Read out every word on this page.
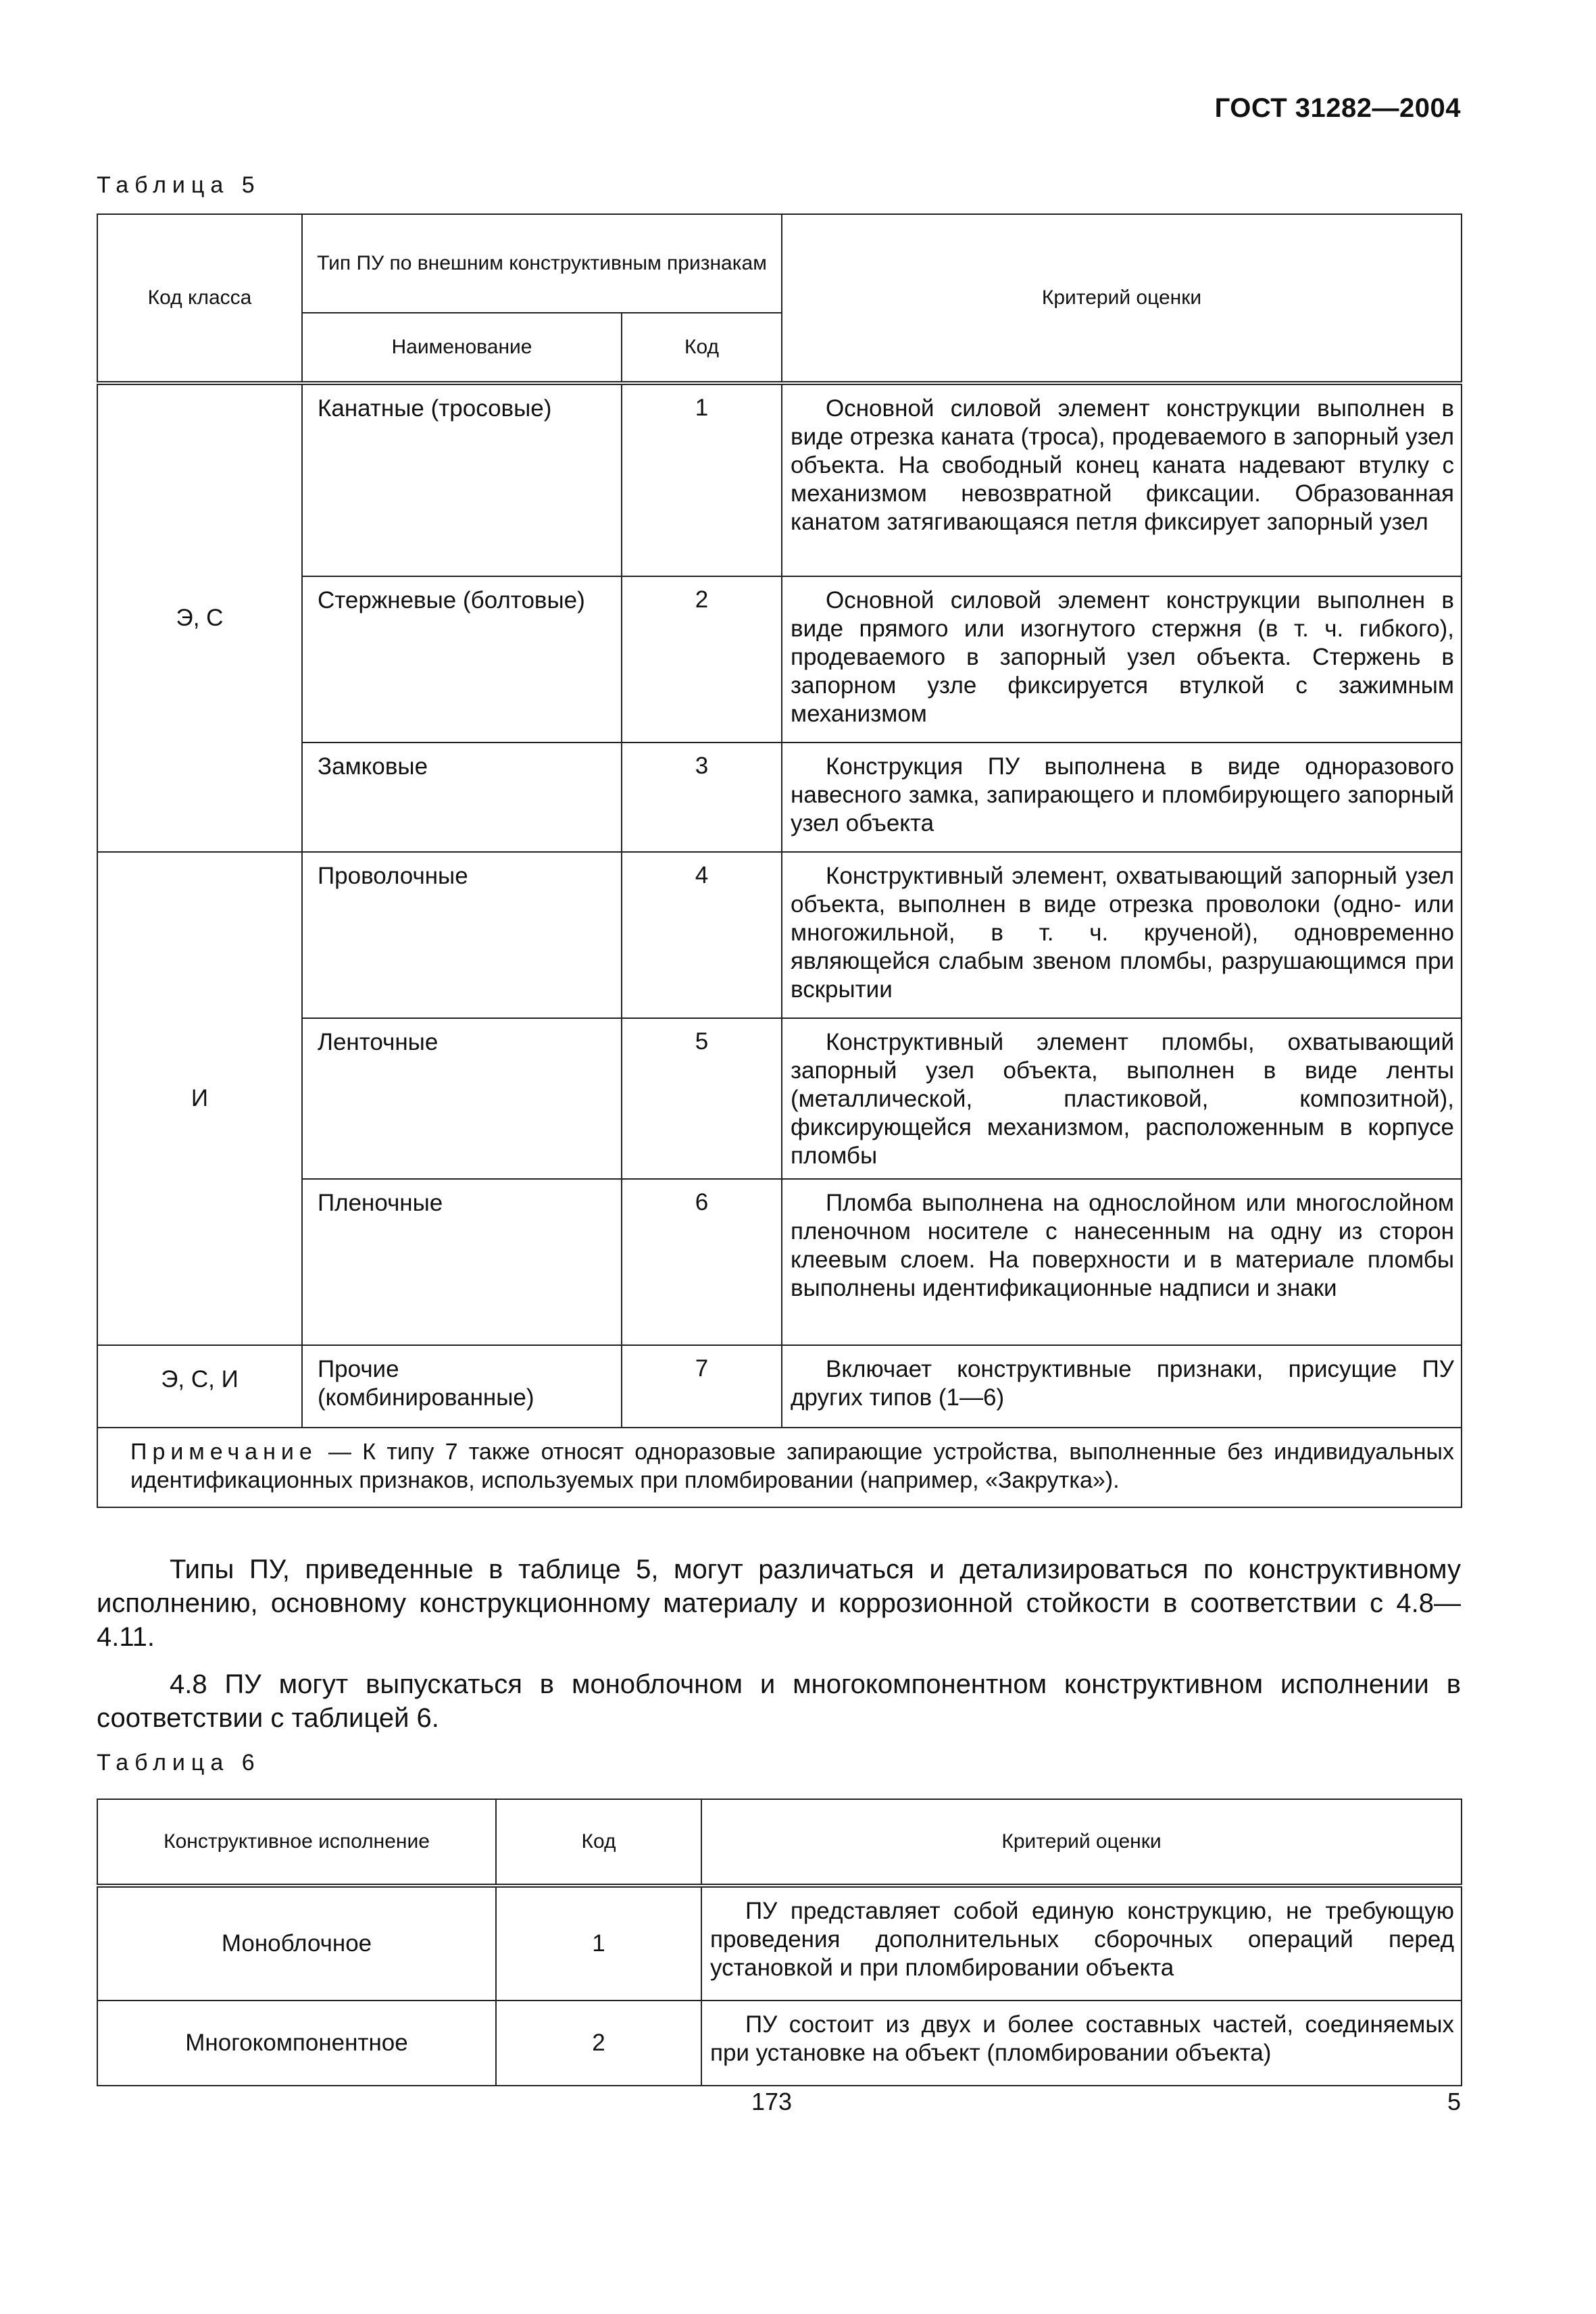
ГОСТ 31282—2004
Таблица 5
Код класса	Тип ПУ по внешним конструктивным признакам		Критерий оценки
	Наименование	Код	
Э, С	Канатные (тросовые)	1	Основной силовой элемент конструкции выполнен в виде отрезка каната (троса), продеваемого в запорный узел объекта. На свободный конец каната надевают втулку с механизмом невозвратной фиксации. Образованная канатом затягивающаяся петля фиксирует запорный узел
	Стержневые (болтовые)	2	Основной силовой элемент конструкции выполнен в виде прямого или изогнутого стержня (в т. ч. гибкого), продеваемого в запорный узел объекта. Стержень в запорном узле фиксируется втулкой с зажимным механизмом
	Замковые	3	Конструкция ПУ выполнена в виде одноразового навесного замка, запирающего и пломбирующего запорный узел объекта
И	Проволочные	4	Конструктивный элемент, охватывающий запорный узел объекта, выполнен в виде отрезка проволоки (одно- или многожильной, в т. ч. крученой), одновременно являющейся слабым звеном пломбы, разрушающимся при вскрытии
	Ленточные	5	Конструктивный элемент пломбы, охватывающий запорный узел объекта, выполнен в виде ленты (металлической, пластиковой, композитной), фиксирующейся механизмом, расположенным в корпусе пломбы
	Пленочные	6	Пломба выполнена на однослойном или многослойном пленочном носителе с нанесенным на одну из сторон клеевым слоем. На поверхности и в материале пломбы выполнены идентификационные надписи и знаки
Э, С, И	Прочие (комбинированные)	7	Включает конструктивные признаки, присущие ПУ других типов (1—6)
Примечание — К типу 7 также относят одноразовые запирающие устройства, выполненные без индивидуальных идентификационных признаков, используемых при пломбировании (например, «Закрутка»).			
Типы ПУ, приведенные в таблице 5, могут различаться и детализироваться по конструктивному исполнению, основному конструкционному материалу и коррозионной стойкости в соответствии с 4.8—4.11.
4.8 ПУ могут выпускаться в моноблочном и многокомпонентном конструктивном исполнении в соответствии с таблицей 6.
Таблица 6
Конструктивное исполнение	Код	Критерий оценки
Моноблочное	1	ПУ представляет собой единую конструкцию, не требующую проведения дополнительных сборочных операций перед установкой и при пломбировании объекта
Многокомпонентное	2	ПУ состоит из двух и более составных частей, соединяемых при установке на объект (пломбировании объекта)
173	5
